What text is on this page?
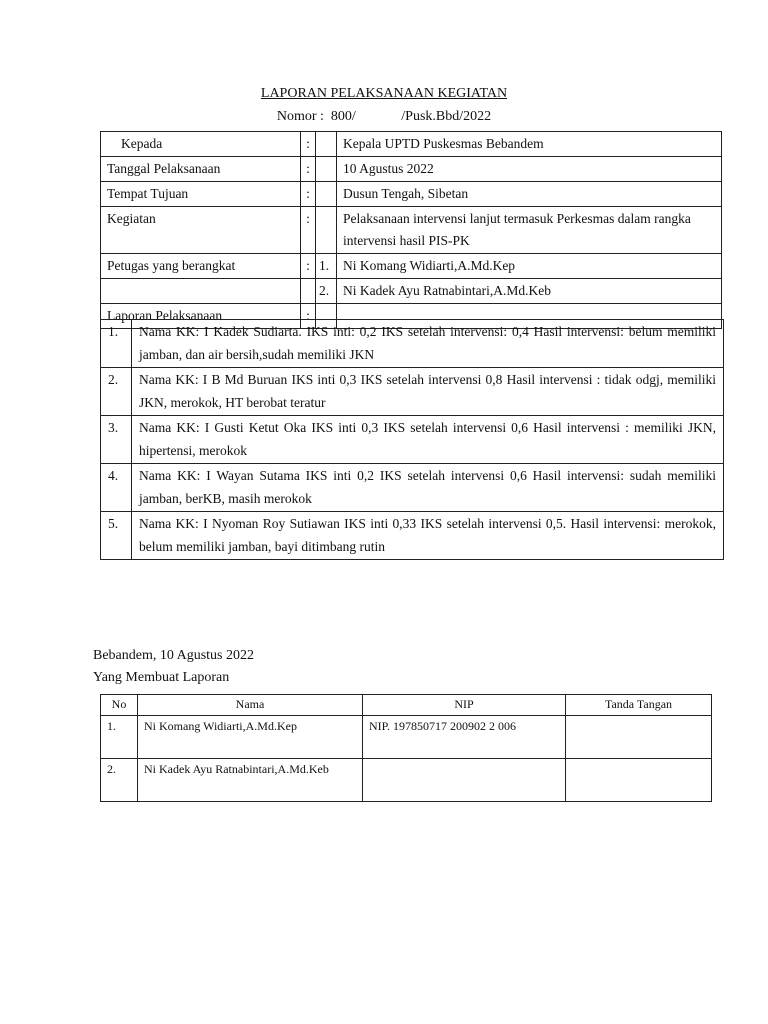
LAPORAN PELAKSANAAN KEGIATAN
Nomor :  800/             /Pusk.Bbd/2022
Kepada	:		Kepala UPTD Puskesmas Bebandem
Tanggal Pelaksanaan	:		10 Agustus 2022
Tempat Tujuan	:		Dusun Tengah, Sibetan
Kegiatan	:		Pelaksanaan intervensi lanjut termasuk Perkesmas dalam rangka intervensi hasil PIS-PK
Petugas yang berangkat	:	1.	Ni Komang Widiarti,A.Md.Kep
		2.	Ni Kadek Ayu Ratnabintari,A.Md.Keb
Laporan Pelaksanaan	:		
1.	Nama KK: I Kadek Sudiarta. IKS inti: 0,2 IKS setelah intervensi: 0,4 Hasil intervensi: belum memiliki jamban, dan air bersih,sudah memiliki JKN
2.	Nama KK: I B Md Buruan IKS inti 0,3 IKS setelah intervensi 0,8 Hasil intervensi : tidak odgj, memiliki JKN, merokok, HT berobat teratur
3.	Nama KK: I Gusti Ketut Oka IKS inti 0,3 IKS setelah intervensi 0,6 Hasil intervensi : memiliki JKN, hipertensi, merokok
4.	Nama KK: I Wayan Sutama IKS inti 0,2 IKS setelah intervensi 0,6 Hasil intervensi: sudah memiliki jamban, berKB, masih merokok
5.	Nama KK: I Nyoman Roy Sutiawan IKS inti 0,33 IKS setelah intervensi 0,5. Hasil intervensi: merokok, belum memiliki jamban, bayi ditimbang rutin
Bebandem, 10 Agustus 2022
Yang Membuat Laporan
No	Nama	NIP	Tanda Tangan
1.	Ni Komang Widiarti,A.Md.Kep	NIP. 197850717 200902 2 006	
2.	Ni Kadek Ayu Ratnabintari,A.Md.Keb		
